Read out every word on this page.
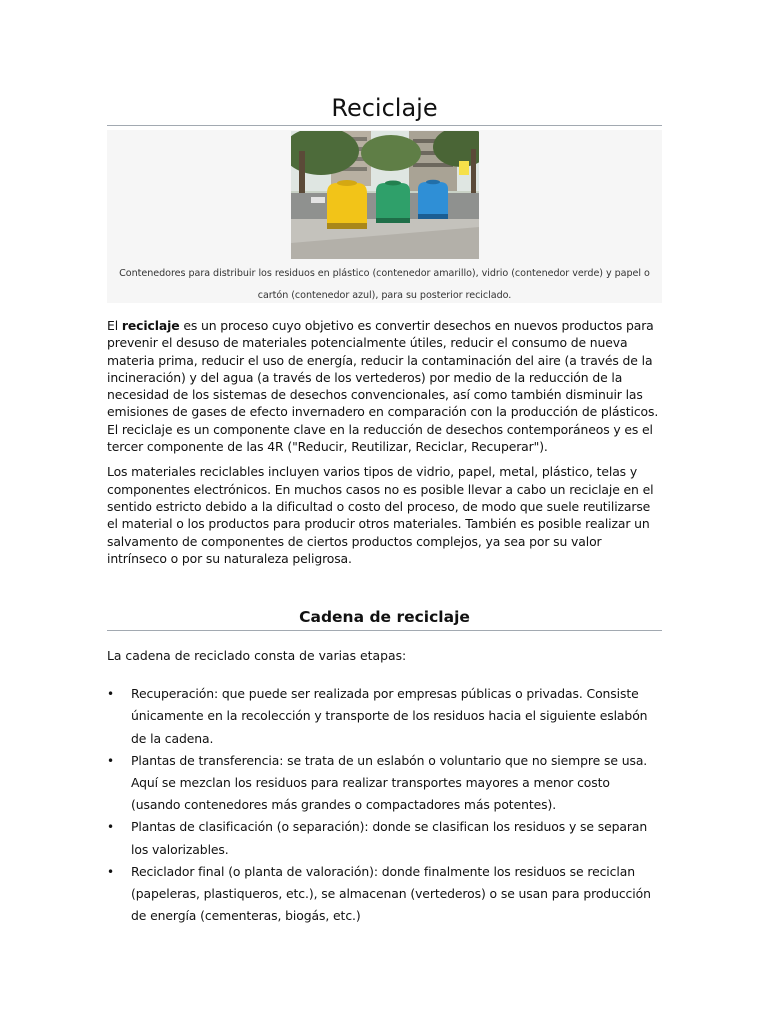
Reciclaje
Contenedores para distribuir los residuos en plástico (contenedor amarillo), vidrio (contenedor verde) y papel o cartón (contenedor azul), para su posterior reciclado.

El reciclaje es un proceso cuyo objetivo es convertir desechos en nuevos productos para prevenir el desuso de materiales potencialmente útiles, reducir el consumo de nueva materia prima, reducir el uso de energía, reducir la contaminación del aire (a través de la incineración) y del agua (a través de los vertederos) por medio de la reducción de la necesidad de los sistemas de desechos convencionales, así como también disminuir las emisiones de gases de efecto invernadero en comparación con la producción de plásticos. El reciclaje es un componente clave en la reducción de desechos contemporáneos y es el tercer componente de las 4R ("Reducir, Reutilizar, Reciclar, Recuperar").

Los materiales reciclables incluyen varios tipos de vidrio, papel, metal, plástico, telas y componentes electrónicos. En muchos casos no es posible llevar a cabo un reciclaje en el sentido estricto debido a la dificultad o costo del proceso, de modo que suele reutilizarse el material o los productos para producir otros materiales. También es posible realizar un salvamento de componentes de ciertos productos complejos, ya sea por su valor intrínseco o por su naturaleza peligrosa.

Cadena de reciclaje

La cadena de reciclado consta de varias etapas:

• Recuperación: que puede ser realizada por empresas públicas o privadas. Consiste únicamente en la recolección y transporte de los residuos hacia el siguiente eslabón de la cadena.
• Plantas de transferencia: se trata de un eslabón o voluntario que no siempre se usa. Aquí se mezclan los residuos para realizar transportes mayores a menor costo (usando contenedores más grandes o compactadores más potentes).
• Plantas de clasificación (o separación): donde se clasifican los residuos y se separan los valorizables.
• Reciclador final (o planta de valoración): donde finalmente los residuos se reciclan (papeleras, plastiqueros, etc.), se almacenan (vertederos) o se usan para producción de energía (cementeras, biogás, etc.)
